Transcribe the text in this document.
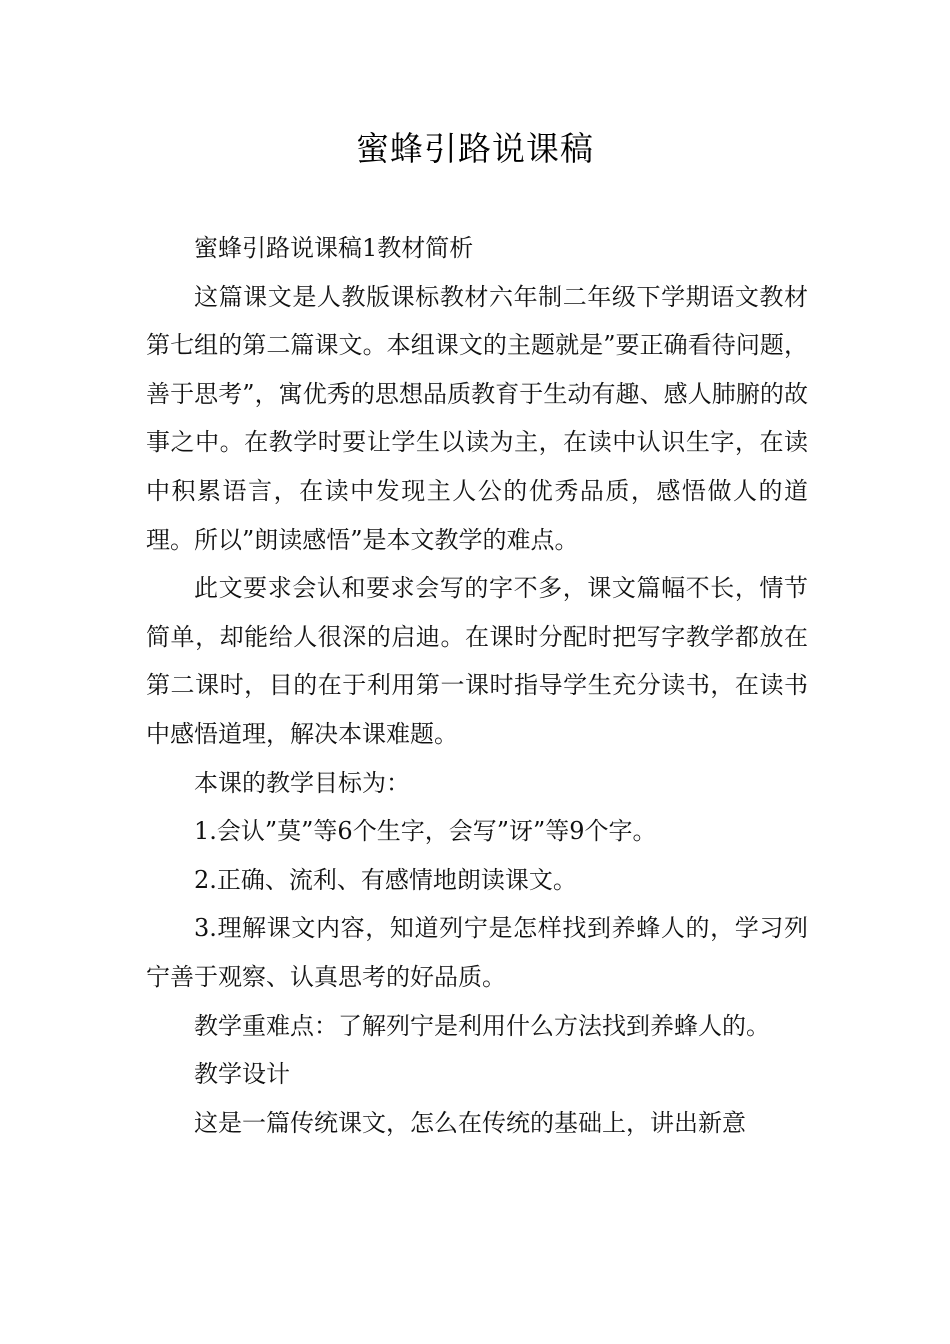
蜜蜂引路说课稿

蜜蜂引路说课稿1教材简析

这篇课文是人教版课标教材六年制二年级下学期语文教材第七组的第二篇课文。本组课文的主题就是”要正确看待问题，善于思考”，寓优秀的思想品质教育于生动有趣、感人肺腑的故事之中。在教学时要让学生以读为主，在读中认识生字，在读中积累语言，在读中发现主人公的优秀品质，感悟做人的道理。所以”朗读感悟”是本文教学的难点。

此文要求会认和要求会写的字不多，课文篇幅不长，情节简单，却能给人很深的启迪。在课时分配时把写字教学都放在第二课时，目的在于利用第一课时指导学生充分读书，在读书中感悟道理，解决本课难题。

本课的教学目标为：

1.会认”莫”等6个生字，会写”讶”等9个字。

2.正确、流利、有感情地朗读课文。

3.理解课文内容，知道列宁是怎样找到养蜂人的，学习列宁善于观察、认真思考的好品质。

教学重难点：了解列宁是利用什么方法找到养蜂人的。

教学设计

这是一篇传统课文，怎么在传统的基础上，讲出新意
